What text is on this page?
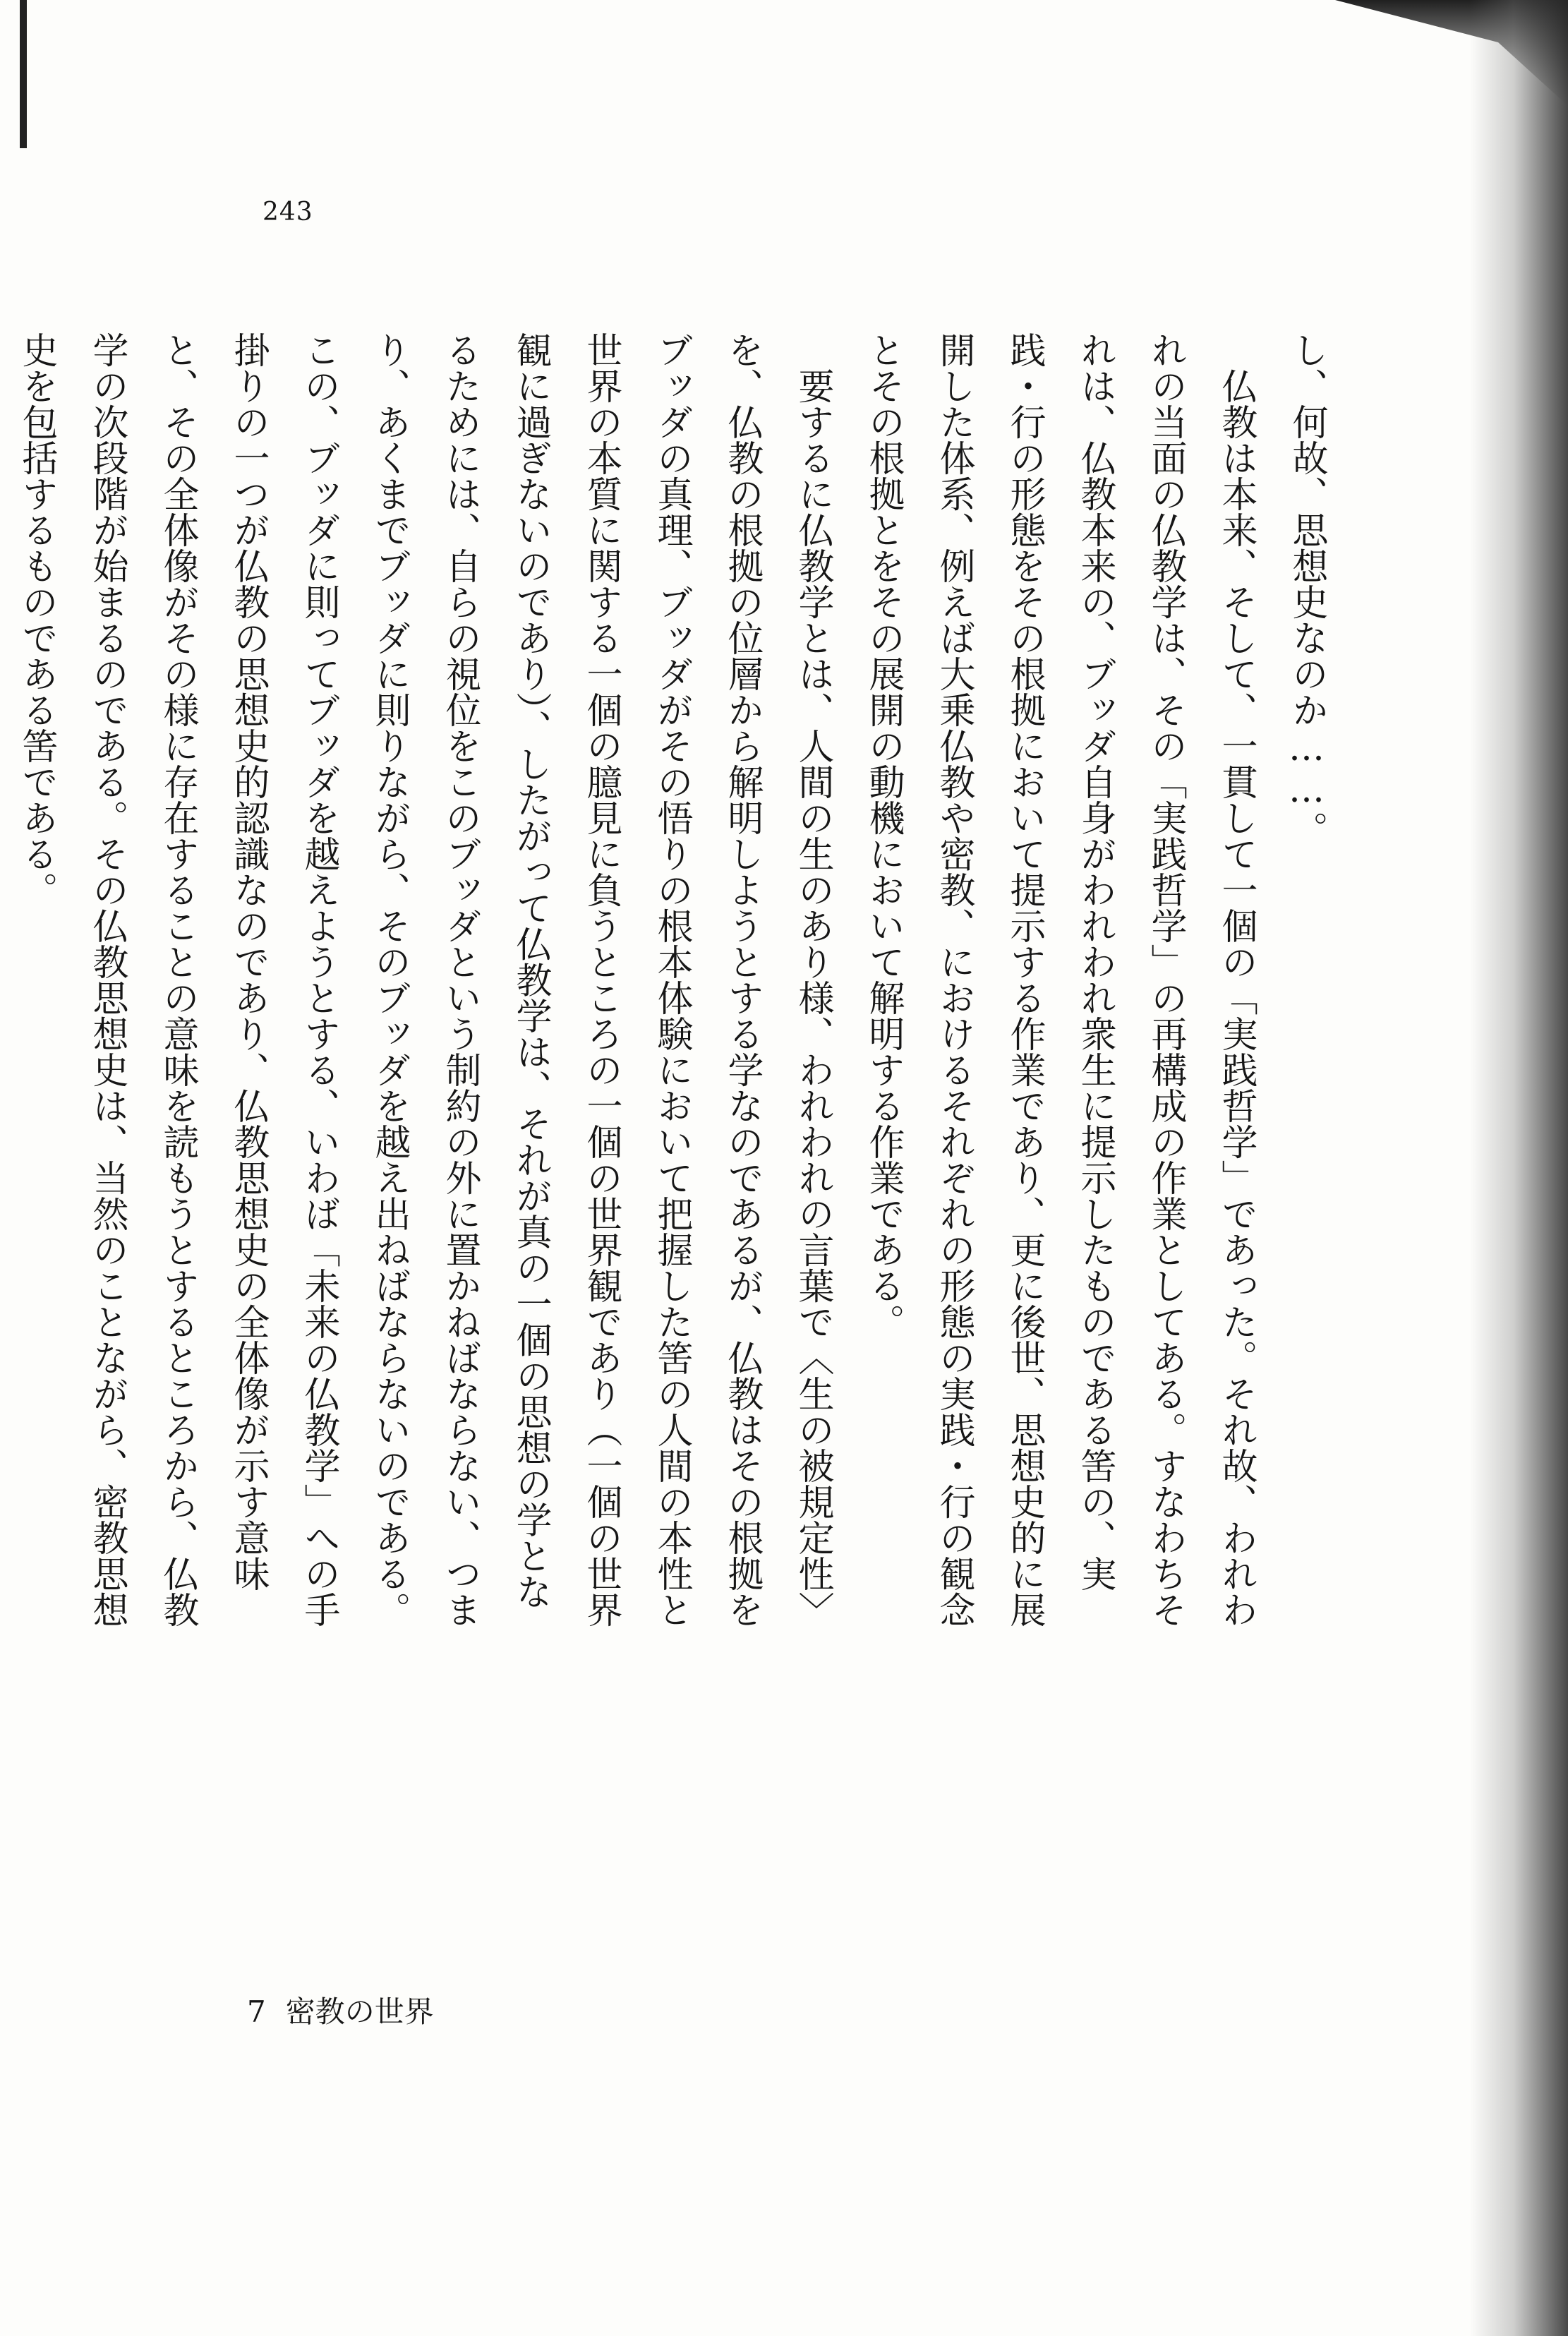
243

し、何故、思想史なのか……。

仏教は本来、そして、一貫して一個の「実践哲学」であった。それ故、われわれの当面の仏教学は、その「実践哲学」の再構成の作業としてある。すなわちそれは、仏教本来の、ブッダ自身がわれわれ衆生に提示したものである筈の、実践・行の形態をその根拠において提示する作業であり、更に後世、思想史的に展開した体系、例えば大乗仏教や密教、におけるそれぞれの形態の実践・行の観念とその根拠とをその展開の動機において解明する作業である。

要するに仏教学とは、人間の生のあり様、われわれの言葉で〈生の被規定性〉を、仏教の根拠の位層から解明しようとする学なのであるが、仏教はその根拠をブッダの真理、ブッダがその悟りの根本体験において把握した筈の人間の本性と世界の本質に関する一個の臆見に負うところの一個の世界観であり（一個の世界観に過ぎないのであり）、したがって仏教学は、それが真の一個の思想の学となるためには、自らの視位をこのブッダという制約の外に置かねばならない、つまり、あくまでブッダに則りながら、そのブッダを越え出ねばならないのである。この、ブッダに則ってブッダを越えようとする、いわば「未来の仏教学」への手掛りの一つが仏教の思想史的認識なのであり、仏教思想史の全体像が示す意味と、その全体像がその様に存在することの意味を読もうとするところから、仏教学の次段階が始まるのである。その仏教思想史は、当然のことながら、密教思想史を包括するものである筈である。

7 密教の世界
